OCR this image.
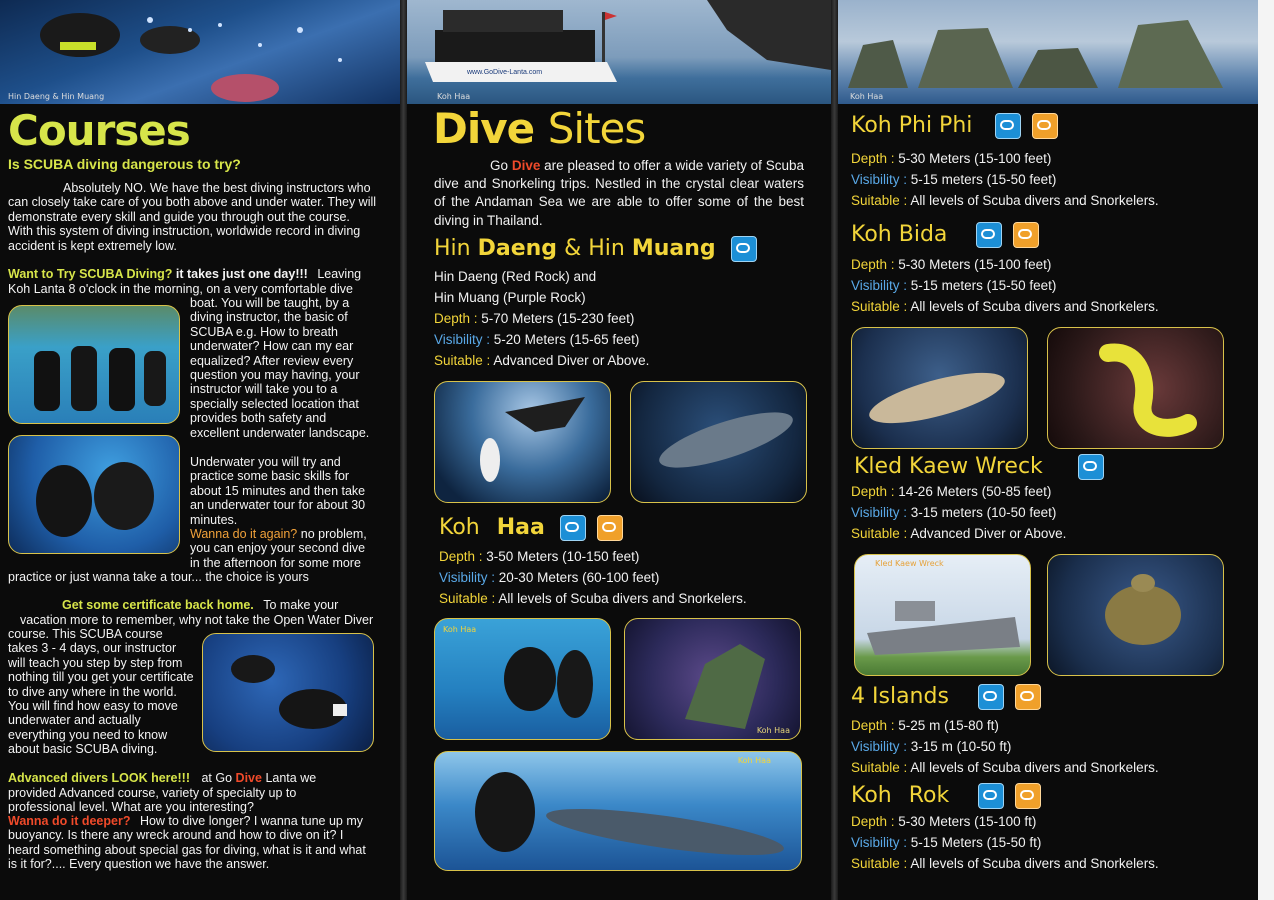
Hin Daeng & Hin Muang
Courses
Is SCUBA diving dangerous to try?
Absolutely NO. We have the best diving instructors who can closely take care of you both above and under water. They will demonstrate every skill and guide you through out the course. With this system of diving instruction, worldwide record in diving accident is kept extremely low.
Want to Try SCUBA Diving? it takes just one day!!! Leaving
Koh Lanta 8 o'clock in the morning, on a very comfortable dive
boat. You will be taught, by a diving instructor, the basic of SCUBA e.g. How to breath underwater? How can my ear equalized? After review every question you may having, your instructor will take you to a specially selected location that provides both safety and excellent underwater landscape.
Underwater you will try and practice some basic skills for about 15 minutes and then take an underwater tour for about 30 minutes.
Wanna do it again? no problem, you can enjoy your second dive in the afternoon for some more
practice or just wanna take a tour... the choice is yours
Get some certificate back home. To make your
vacation more to remember, why not take the Open Water Diver
course. This SCUBA course takes 3 - 4 days, our instructor will teach you step by step from nothing till you get your certificate to dive any where in the world. You will find how easy to move underwater and actually everything you need to know about basic SCUBA diving.
Advanced divers LOOK here!!! at Go Dive Lanta we
provided Advanced course, variety of specialty up to professional level. What are you interesting?
Wanna do it deeper? How to dive longer? I wanna tune up my buoyancy. Is there any wreck around and how to dive on it? I heard something about special gas for diving, what is it and what is it for?.... Every question we have the answer.
www.GoDive-Lanta.com
Koh Haa
Dive Sites
Go Dive are pleased to offer a wide variety of Scuba dive and Snorkeling trips. Nestled in the crystal clear waters of the Andaman Sea we are able to offer some of the best diving in Thailand.
Hin Daeng & Hin Muang
Hin Daeng (Red Rock) and
Hin Muang (Purple Rock)
Depth : 5-70 Meters (15-230 feet)
Visibility : 5-20 Meters (15-65 feet)
Suitable : Advanced Diver or Above.
Koh Haa

Depth : 3-50 Meters (10-150 feet)
Visibility : 20-30 Meters (60-100 feet)
Suitable : All levels of Scuba divers and Snorkelers.
Koh Haa
Koh Haa
Koh Haa
Koh Haa
Koh Phi Phi

Depth : 5-30 Meters (15-100 feet)
Visibility : 5-15 meters (15-50 feet)
Suitable : All levels of Scuba divers and Snorkelers.
Koh Bida

Depth : 5-30 Meters (15-100 feet)
Visibility : 5-15 meters (15-50 feet)
Suitable : All levels of Scuba divers and Snorkelers.
Kled Kaew Wreck
Depth : 14-26 Meters (50-85 feet)
Visibility : 3-15 meters (10-50 feet)
Suitable : Advanced Diver or Above.
Kled Kaew Wreck
4 Islands

Depth : 5-25 m (15-80 ft)
Visibility : 3-15 m (10-50 ft)
Suitable : All levels of Scuba divers and Snorkelers.
Koh Rok

Depth : 5-30 Meters (15-100 ft)
Visibility : 5-15 Meters (15-50 ft)
Suitable : All levels of Scuba divers and Snorkelers.
